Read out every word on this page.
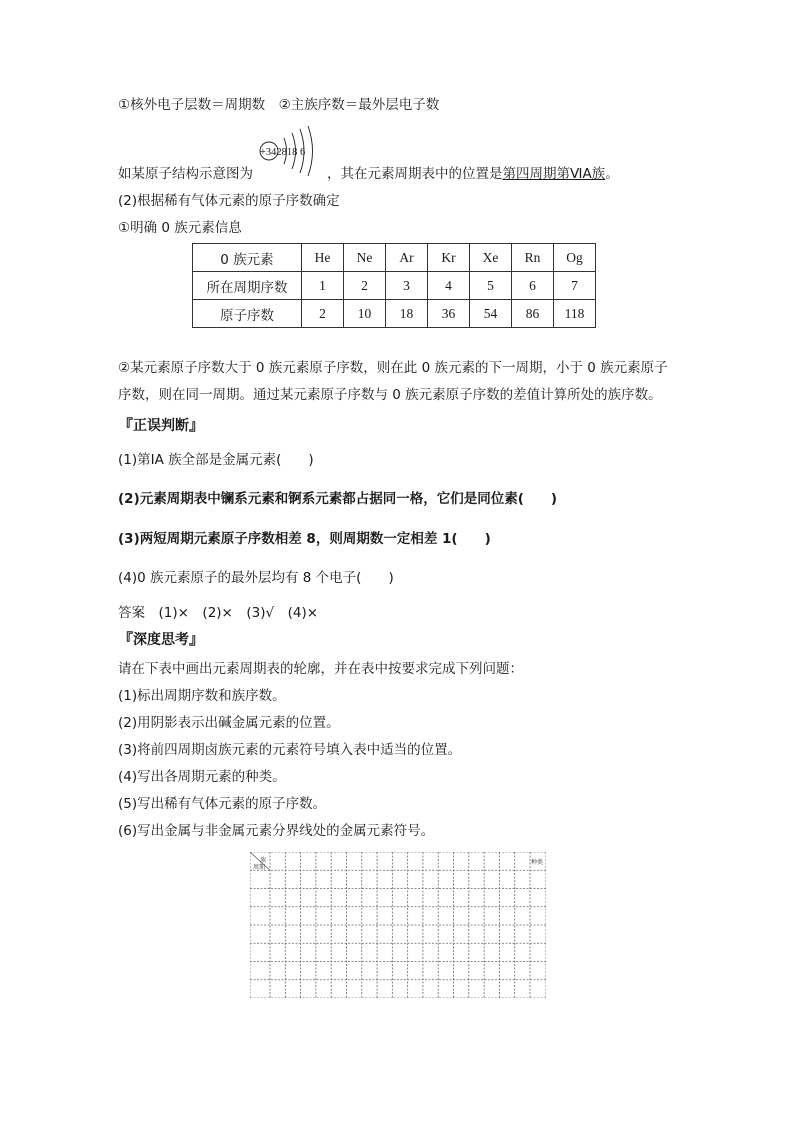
①核外电子层数＝周期数　②主族序数＝最外层电子数
+342818 6
如某原子结构示意图为	，其在元素周期表中的位置是第四周期第ⅥA族。
(2)根据稀有气体元素的原子序数确定
①明确 0 族元素信息
0 族元素	He	Ne	Ar	Kr	Xe	Rn	Og
所在周期序数	1	2	3	4	5	6	7
原子序数	2	10	18	36	54	86	118
②某元素原子序数大于 0 族元素原子序数，则在此 0 族元素的下一周期，小于 0 族元素原子
序数，则在同一周期。通过某元素原子序数与 0 族元素原子序数的差值计算所处的族序数。
『正误判断』
(1)第ⅠA 族全部是金属元素(　　)
(2)元素周期表中镧系元素和锕系元素都占据同一格，它们是同位素(　　)
(3)两短周期元素原子序数相差 8，则周期数一定相差 1(　　)
(4)0 族元素原子的最外层均有 8 个电子(　　)
答案　(1)×　(2)×　(3)√　(4)×
『深度思考』
请在下表中画出元素周期表的轮廓，并在表中按要求完成下列问题：
(1)标出周期序数和族序数。
(2)用阴影表示出碱金属元素的位置。
(3)将前四周期卤族元素的元素符号填入表中适当的位置。
(4)写出各周期元素的种类。
(5)写出稀有气体元素的原子序数。
(6)写出金属与非金属元素分界线处的金属元素符号。
族
周期
种类
